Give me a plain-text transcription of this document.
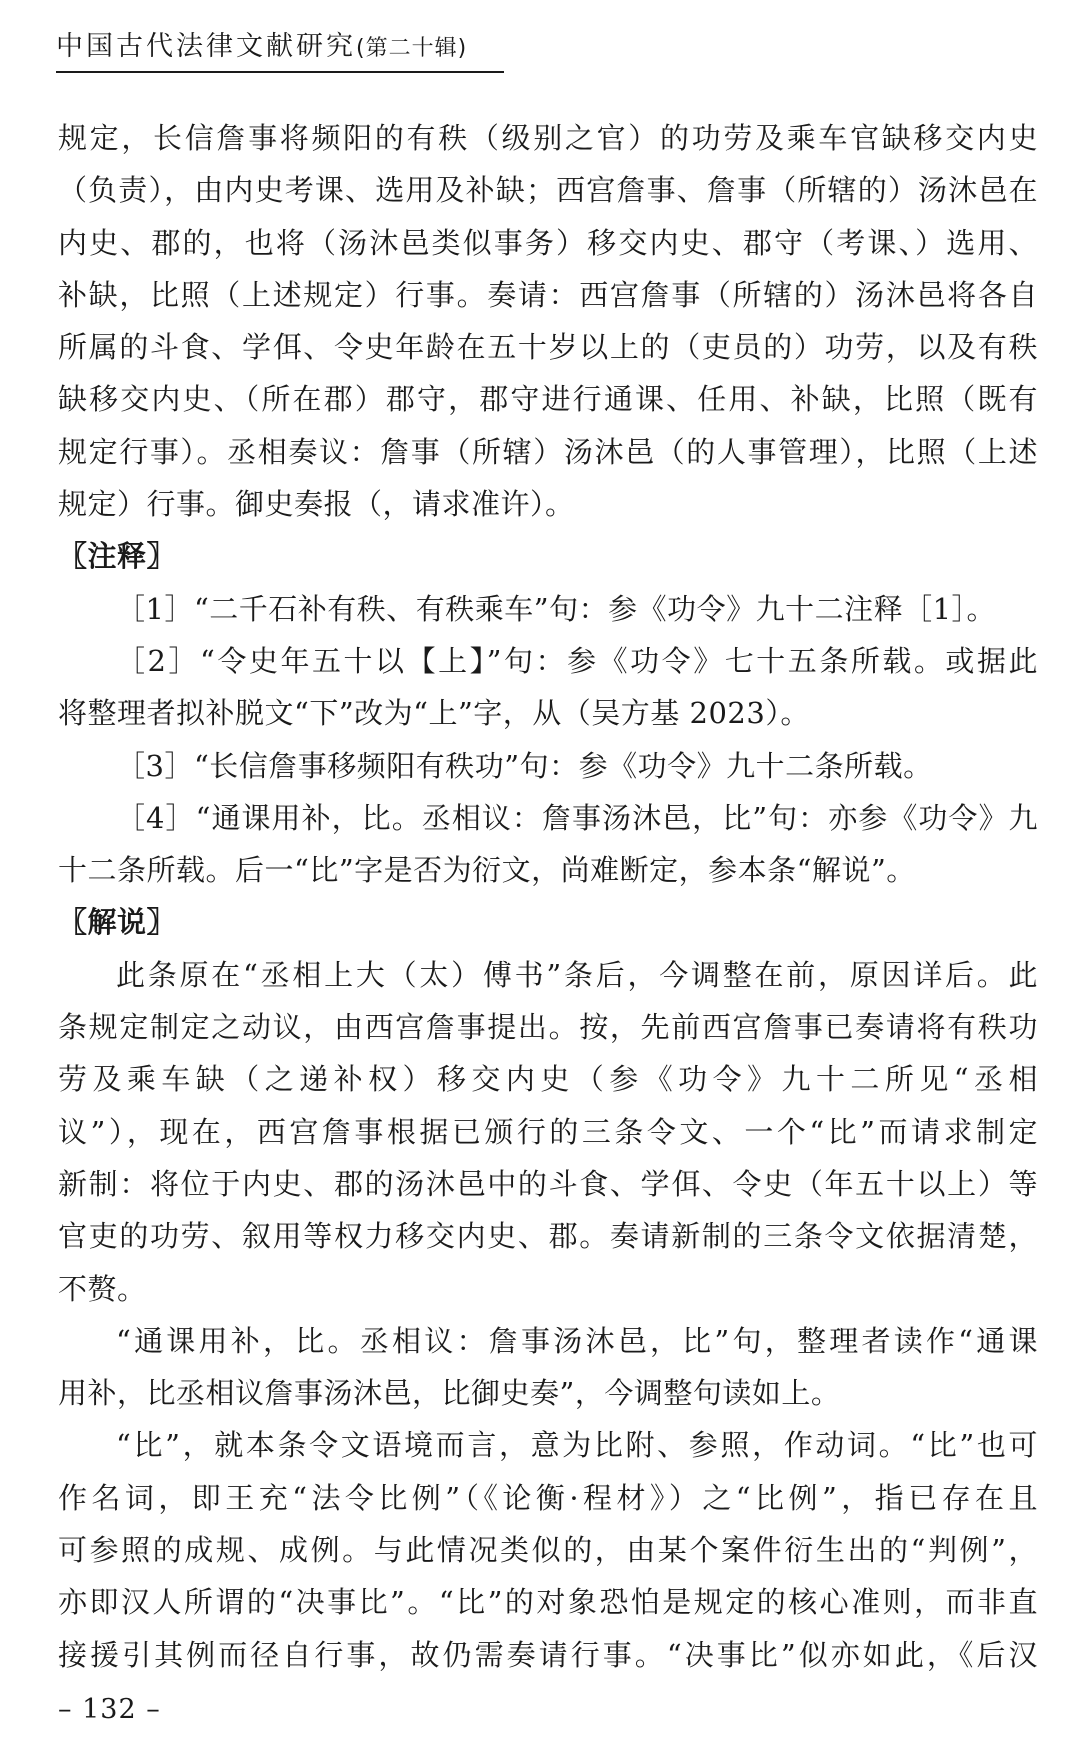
中国古代法律文献研究(第二十辑)
规定，长信詹事将频阳的有秩（级别之官）的功劳及乘车官缺移交内史
（负责），由内史考课、选用及补缺；西宫詹事、詹事（所辖的）汤沐邑在
内史、郡的，也将（汤沐邑类似事务）移交内史、郡守（考课、）选用、
补缺，比照（上述规定）行事。奏请：西宫詹事（所辖的）汤沐邑将各自
所属的斗食、学佴、令史年龄在五十岁以上的（吏员的）功劳，以及有秩
缺移交内史、（所在郡）郡守，郡守进行通课、任用、补缺，比照（既有
规定行事）。丞相奏议：詹事（所辖）汤沐邑（的人事管理），比照（上述
规定）行事。御史奏报（，请求准许）。
〖注释〗
［1］“二千石补有秩、有秩乘车”句：参《功令》九十二注释［1］。
［2］“令史年五十以【上】”句：参《功令》七十五条所载。或据此
将整理者拟补脱文“下”改为“上”字，从（吴方基 2023）。
［3］“长信詹事移频阳有秩功”句：参《功令》九十二条所载。
［4］“通课用补，比。丞相议：詹事汤沐邑，比”句：亦参《功令》九
十二条所载。后一“比”字是否为衍文，尚难断定，参本条“解说”。
〖解说〗
此条原在“丞相上大（太）傅书”条后，今调整在前，原因详后。此
条规定制定之动议，由西宫詹事提出。按，先前西宫詹事已奏请将有秩功
劳及乘车缺（之递补权）移交内史（参《功令》九十二所见“丞相
议”），现在，西宫詹事根据已颁行的三条令文、一个“比”而请求制定
新制：将位于内史、郡的汤沐邑中的斗食、学佴、令史（年五十以上）等
官吏的功劳、叙用等权力移交内史、郡。奏请新制的三条令文依据清楚，
不赘。
“通课用补，比。丞相议：詹事汤沐邑，比”句，整理者读作“通课
用补，比丞相议詹事汤沐邑，比御史奏”，今调整句读如上。
“比”，就本条令文语境而言，意为比附、参照，作动词。“比”也可
作名词，即王充“法令比例”（《论衡·程材》）之“比例”，指已存在且
可参照的成规、成例。与此情况类似的，由某个案件衍生出的“判例”，
亦即汉人所谓的“决事比”。“比”的对象恐怕是规定的核心准则，而非直
接援引其例而径自行事，故仍需奏请行事。“决事比”似亦如此，《后汉
– 132 –
